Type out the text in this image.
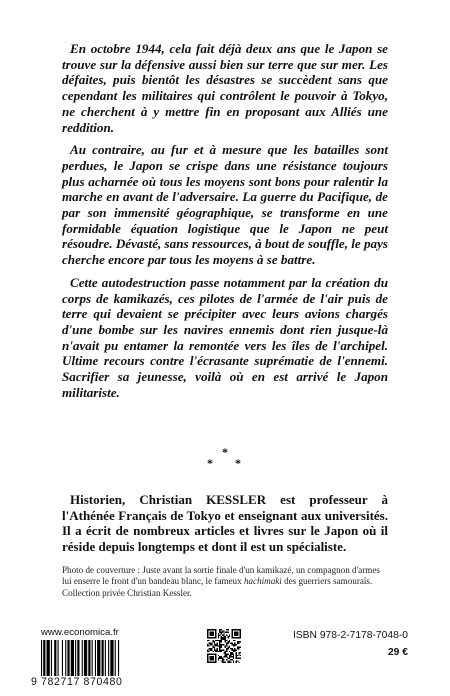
En octobre 1944, cela fait déjà deux ans que le Japon se trouve sur la défensive aussi bien sur terre que sur mer. Les défaites, puis bientôt les désastres se succèdent sans que cependant les militaires qui contrôlent le pouvoir à Tokyo, ne cherchent à y mettre fin en proposant aux Alliés une reddition.

Au contraire, au fur et à mesure que les batailles sont perdues, le Japon se crispe dans une résistance toujours plus acharnée où tous les moyens sont bons pour ralentir la marche en avant de l'adversaire. La guerre du Pacifique, de par son immensité géographique, se transforme en une formidable équation logistique que le Japon ne peut résoudre. Dévasté, sans ressources, à bout de souffle, le pays cherche encore par tous les moyens à se battre.

Cette autodestruction passe notamment par la création du corps de kamikazés, ces pilotes de l'armée de l'air puis de terre qui devaient se précipiter avec leurs avions chargés d'une bombe sur les navires ennemis dont rien jusque-là n'avait pu entamer la remontée vers les îles de l'archipel. Ultime recours contre l'écrasante suprématie de l'ennemi. Sacrifier sa jeunesse, voilà où en est arrivé le Japon militariste.

*
* *

Historien, Christian KESSLER est professeur à l'Athénée Français de Tokyo et enseignant aux universités. Il a écrit de nombreux articles et livres sur le Japon où il réside depuis longtemps et dont il est un spécialiste.

Photo de couverture : Juste avant la sortie finale d'un kamikazé, un compagnon d'armes lui enserre le front d'un bandeau blanc, le fameux hachimaki des guerriers samouraïs. Collection privée Christian Kessler.

www.economica.fr
9 782717 870480
ISBN 978-2-7178-7048-0
29 €
